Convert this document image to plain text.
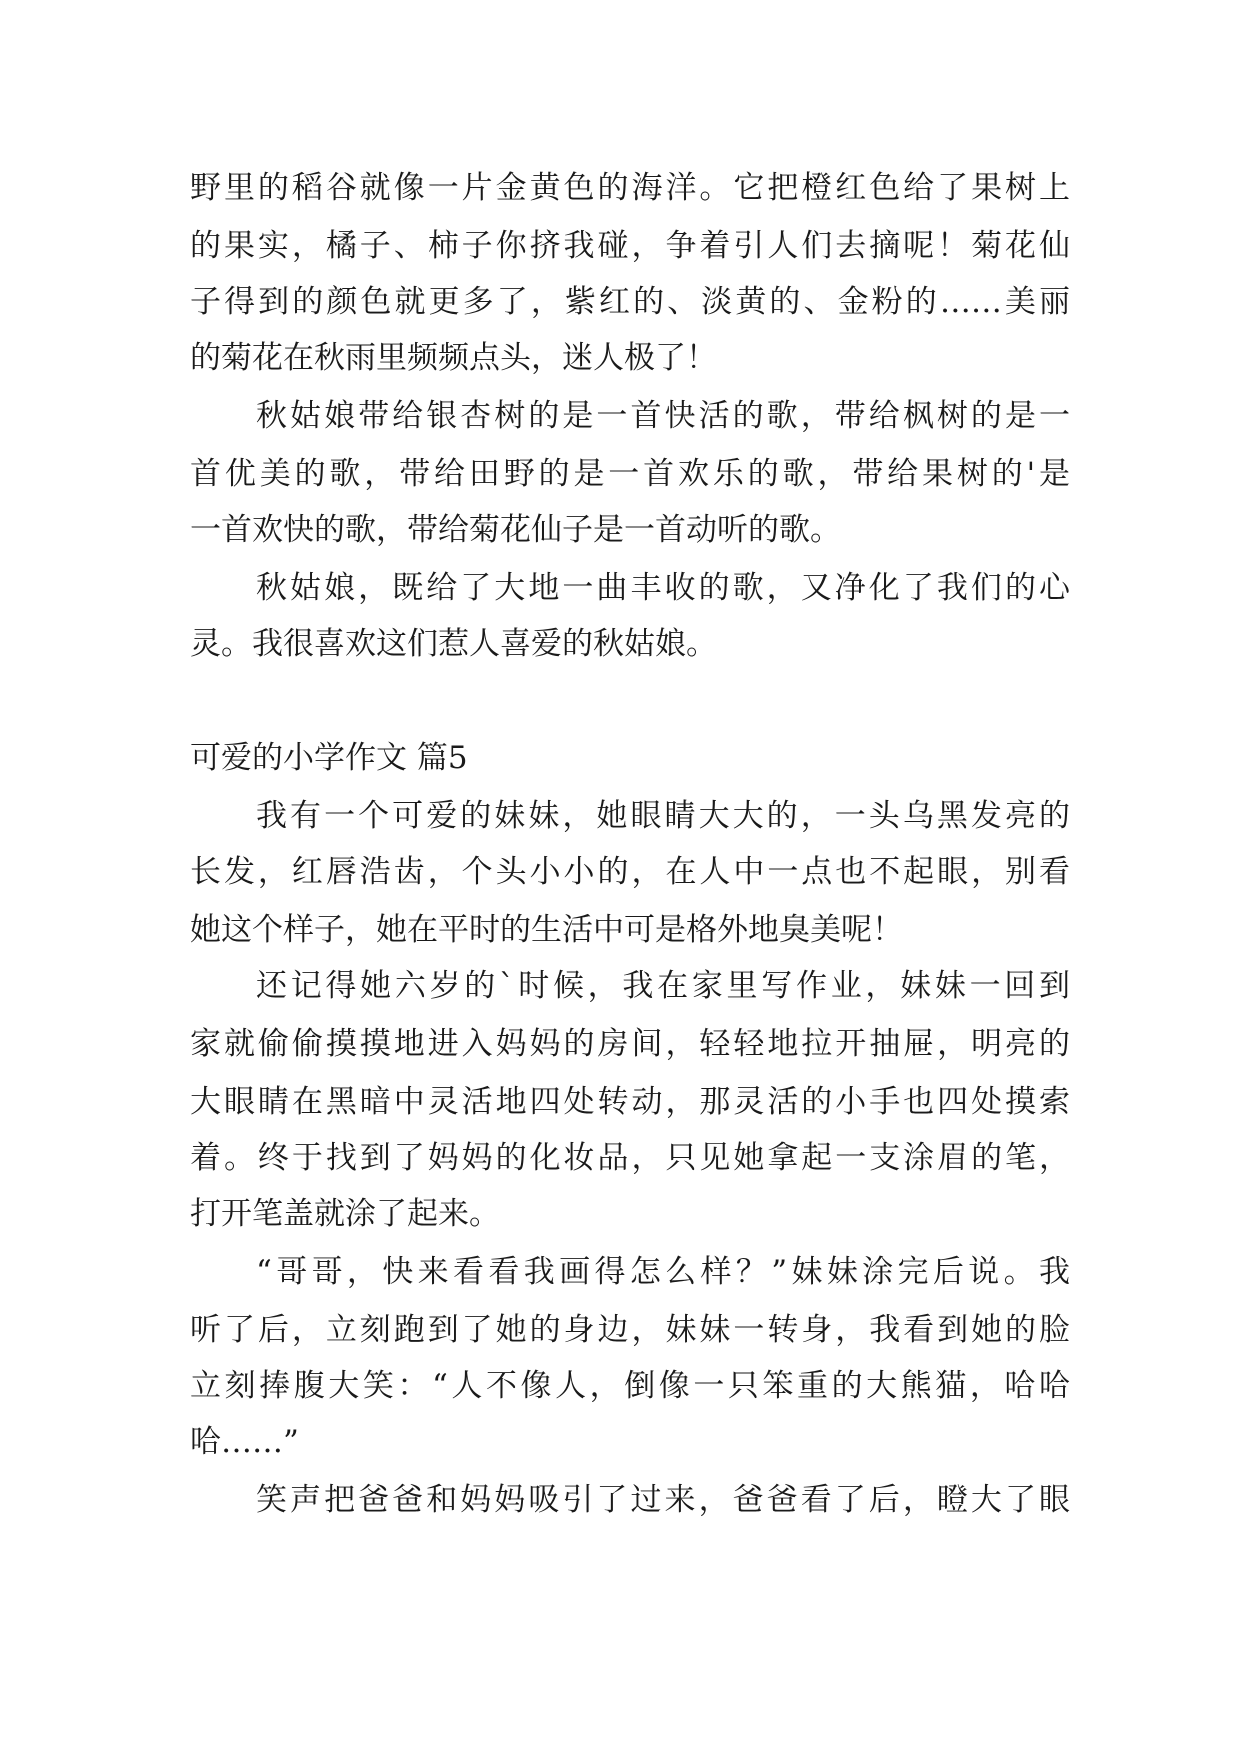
野里的稻谷就像一片金黄色的海洋。它把橙红色给了果树上
的果实，橘子、柿子你挤我碰，争着引人们去摘呢！菊花仙
子得到的颜色就更多了，紫红的、淡黄的、金粉的……美丽
的菊花在秋雨里频频点头，迷人极了！
秋姑娘带给银杏树的是一首快活的歌，带给枫树的是一
首优美的歌，带给田野的是一首欢乐的歌，带给果树的'是
一首欢快的歌，带给菊花仙子是一首动听的歌。
秋姑娘，既给了大地一曲丰收的歌，又净化了我们的心
灵。我很喜欢这们惹人喜爱的秋姑娘。
可爱的小学作文 篇5
我有一个可爱的妹妹，她眼睛大大的，一头乌黑发亮的
长发，红唇浩齿，个头小小的，在人中一点也不起眼，别看
她这个样子，她在平时的生活中可是格外地臭美呢！
还记得她六岁的`时候，我在家里写作业，妹妹一回到
家就偷偷摸摸地进入妈妈的房间，轻轻地拉开抽屉，明亮的
大眼睛在黑暗中灵活地四处转动，那灵活的小手也四处摸索
着。终于找到了妈妈的化妆品，只见她拿起一支涂眉的笔，
打开笔盖就涂了起来。
“哥哥，快来看看我画得怎么样？”妹妹涂完后说。我
听了后，立刻跑到了她的身边，妹妹一转身，我看到她的脸
立刻捧腹大笑：“人不像人，倒像一只笨重的大熊猫，哈哈
哈……”
笑声把爸爸和妈妈吸引了过来，爸爸看了后，瞪大了眼
